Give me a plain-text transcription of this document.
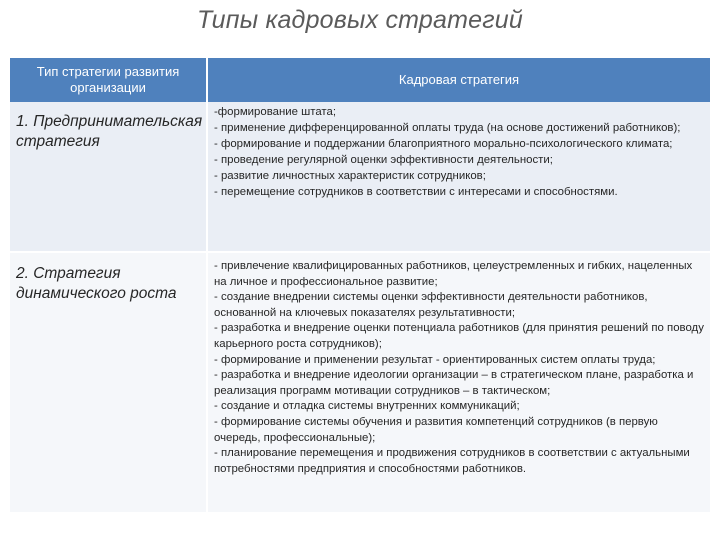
Типы кадровых стратегий
Тип стратегии развития организации
Кадровая стратегия
1. Предпринимательская стратегия
-формирование штата;
- применение дифференцированной оплаты труда (на основе достижений работников);
- формирование и поддержании благоприятного морально-психологического климата;
- проведение регулярной оценки эффективности деятельности;
- развитие личностных характеристик сотрудников;
- перемещение сотрудников в соответствии с интересами и способностями.
2. Стратегия динамического роста
- привлечение квалифицированных работников, целеустремленных и гибких, нацеленных на личное и профессиональное развитие;
- создание внедрении системы оценки эффективности деятельности работников, основанной на ключевых показателях результативности;
- разработка и внедрение оценки потенциала работников (для принятия решений по поводу карьерного роста сотрудников);
- формирование и применении результат - ориентированных систем оплаты труда;
- разработка и внедрение идеологии организации – в стратегическом плане, разработка и реализация программ мотивации сотрудников – в тактическом;
- создание и отладка системы внутренних коммуникаций;
- формирование системы обучения и развития компетенций сотрудников (в первую очередь, профессиональные);
- планирование перемещения и продвижения сотрудников в соответствии с актуальными потребностями предприятия и способностями работников.
